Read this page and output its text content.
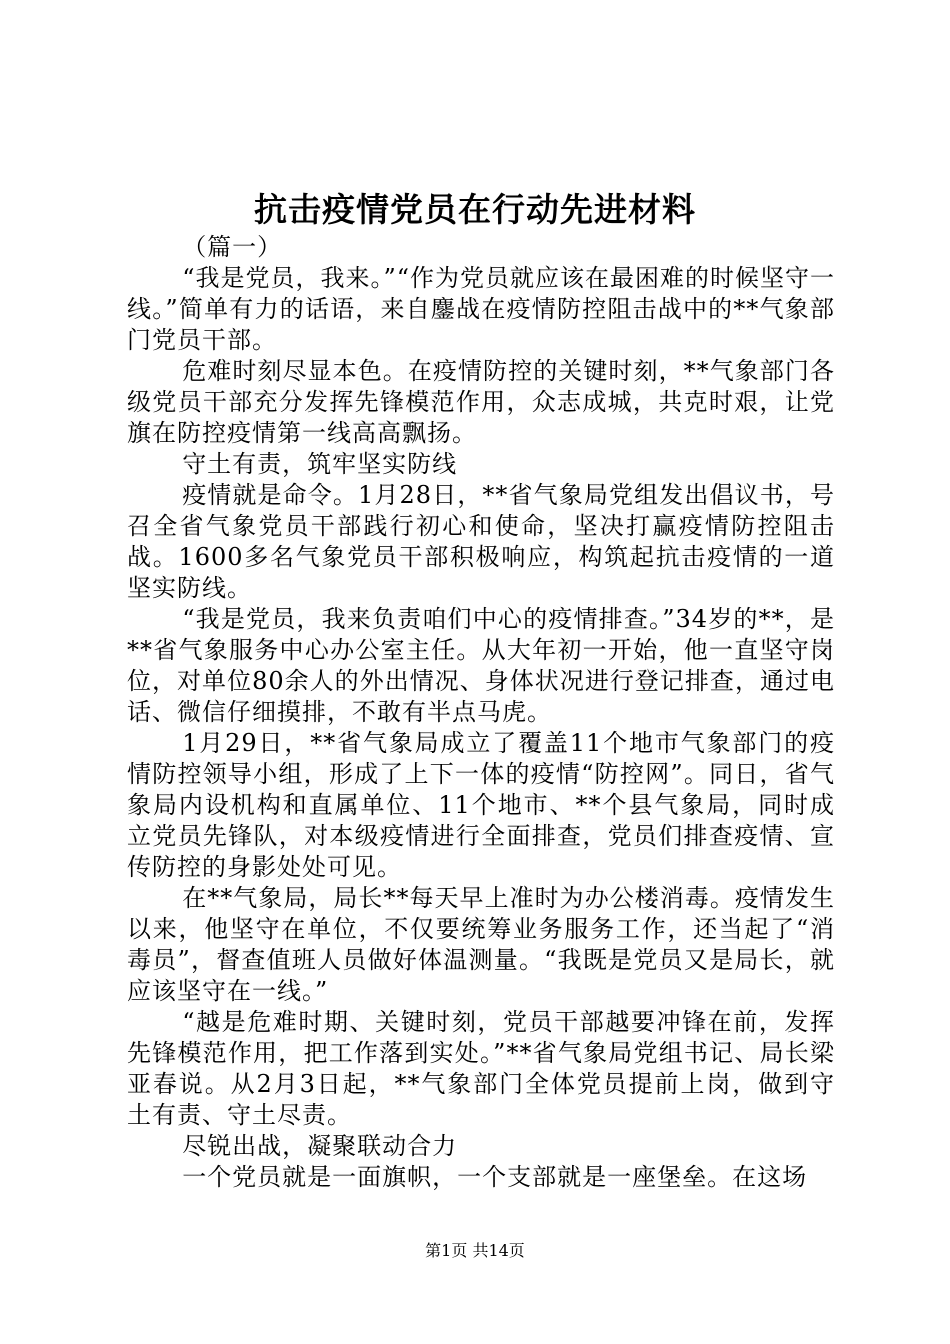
抗击疫情党员在行动先进材料

（篇一）

“我是党员，我来。”“作为党员就应该在最困难的时候坚守一线。”简单有力的话语，来自鏖战在疫情防控阻击战中的**气象部门党员干部。

危难时刻尽显本色。在疫情防控的关键时刻，**气象部门各级党员干部充分发挥先锋模范作用，众志成城，共克时艰，让党旗在防控疫情第一线高高飘扬。

守土有责，筑牢坚实防线

疫情就是命令。1月28日，**省气象局党组发出倡议书，号召全省气象党员干部践行初心和使命，坚决打赢疫情防控阻击战。1600多名气象党员干部积极响应，构筑起抗击疫情的一道坚实防线。

“我是党员，我来负责咱们中心的疫情排查。”34岁的**，是**省气象服务中心办公室主任。从大年初一开始，他一直坚守岗位，对单位80余人的外出情况、身体状况进行登记排查，通过电话、微信仔细摸排，不敢有半点马虎。

1月29日，**省气象局成立了覆盖11个地市气象部门的疫情防控领导小组，形成了上下一体的疫情“防控网”。同日，省气象局内设机构和直属单位、11个地市、**个县气象局，同时成立党员先锋队，对本级疫情进行全面排查，党员们排查疫情、宣传防控的身影处处可见。

在**气象局，局长**每天早上准时为办公楼消毒。疫情发生以来，他坚守在单位，不仅要统筹业务服务工作，还当起了“消毒员”，督查值班人员做好体温测量。“我既是党员又是局长，就应该坚守在一线。”

“越是危难时期、关键时刻，党员干部越要冲锋在前，发挥先锋模范作用，把工作落到实处。”**省气象局党组书记、局长梁亚春说。从2月3日起，**气象部门全体党员提前上岗，做到守土有责、守土尽责。

尽锐出战，凝聚联动合力

一个党员就是一面旗帜，一个支部就是一座堡垒。在这场

第1页 共14页
